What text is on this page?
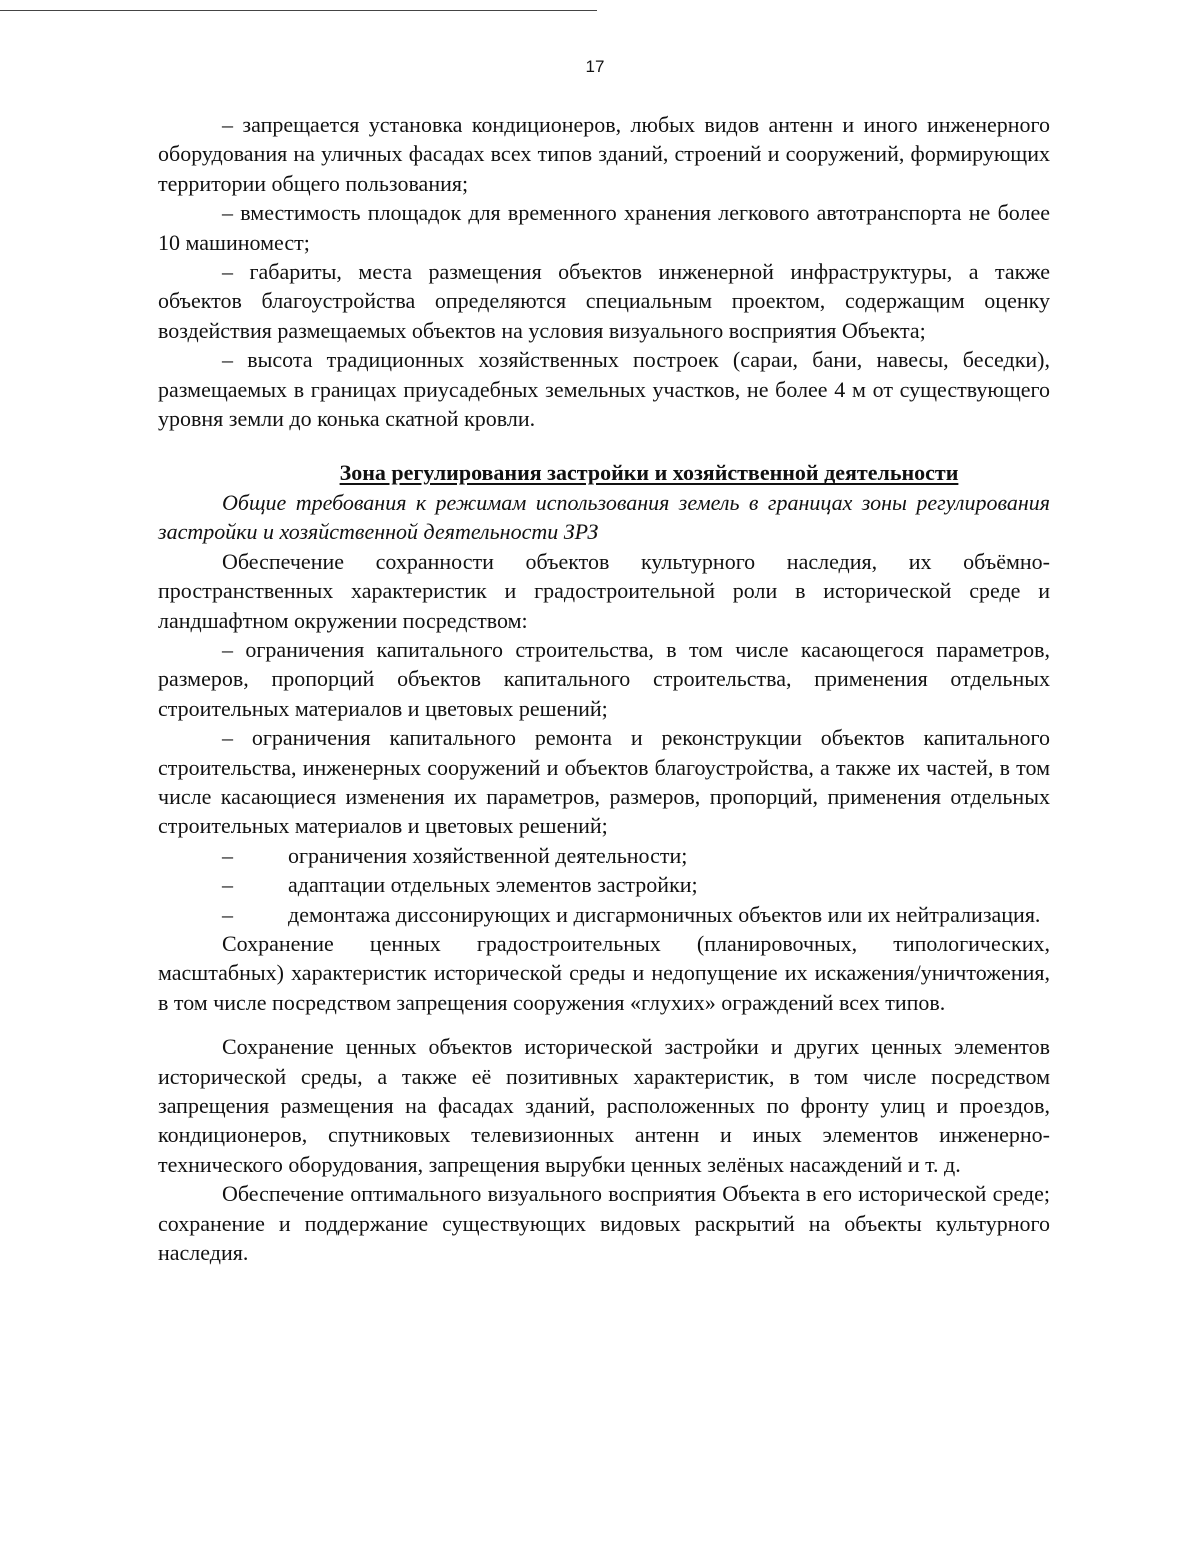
17

– запрещается установка кондиционеров, любых видов антенн и иного инженерного оборудования на уличных фасадах всех типов зданий, строений и сооружений, формирующих территории общего пользования;

– вместимость площадок для временного хранения легкового автотранспорта не более 10 машиномест;

– габариты, места размещения объектов инженерной инфраструктуры, а также объектов благоустройства определяются специальным проектом, содержащим оценку воздействия размещаемых объектов на условия визуального восприятия Объекта;

– высота традиционных хозяйственных построек (сараи, бани, навесы, беседки), размещаемых в границах приусадебных земельных участков, не более 4 м от существующего уровня земли до конька скатной кровли.

Зона регулирования застройки и хозяйственной деятельности

Общие требования к режимам использования земель в границах зоны регулирования застройки и хозяйственной деятельности ЗРЗ

Обеспечение сохранности объектов культурного наследия, их объёмно-пространственных характеристик и градостроительной роли в исторической среде и ландшафтном окружении посредством:

– ограничения капитального строительства, в том числе касающегося параметров, размеров, пропорций объектов капитального строительства, применения отдельных строительных материалов и цветовых решений;

– ограничения капитального ремонта и реконструкции объектов капитального строительства, инженерных сооружений и объектов благоустройства, а также их частей, в том числе касающиеся изменения их параметров, размеров, пропорций, применения отдельных строительных материалов и цветовых решений;

–	ограничения хозяйственной деятельности;

–	адаптации отдельных элементов застройки;

–	демонтажа диссонирующих и дисгармоничных объектов или их нейтрализация.

Сохранение ценных градостроительных (планировочных, типологических, масштабных) характеристик исторической среды и недопущение их искажения/уничтожения, в том числе посредством запрещения сооружения «глухих» ограждений всех типов.

Сохранение ценных объектов исторической застройки и других ценных элементов исторической среды, а также её позитивных характеристик, в том числе посредством запрещения размещения на фасадах зданий, расположенных по фронту улиц и проездов, кондиционеров, спутниковых телевизионных антенн и иных элементов инженерно-технического оборудования, запрещения вырубки ценных зелёных насаждений и т. д.

Обеспечение оптимального визуального восприятия Объекта в его исторической среде; сохранение и поддержание существующих видовых раскрытий на объекты культурного наследия.
